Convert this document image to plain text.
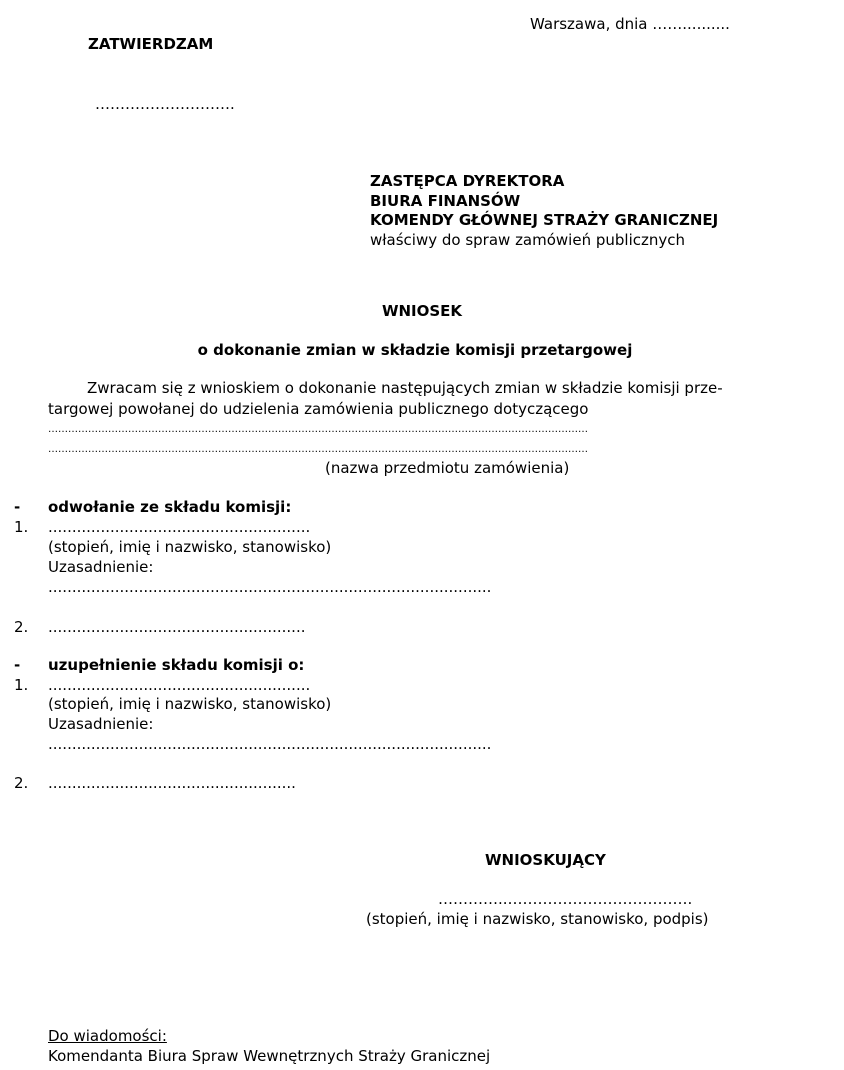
Warszawa, dnia ……..........
ZATWIERDZAM
……………………….
ZASTĘPCA DYREKTORA
BIURA FINANSÓW
KOMENDY GŁÓWNEJ STRAŻY GRANICZNEJ
właściwy do spraw zamówień publicznych
WNIOSEK
o dokonanie zmian w składzie komisji przetargowej
Zwracam się z wnioskiem o dokonanie następujących zmian w składzie komisji prze-
targowej powołanej do udzielenia zamówienia publicznego dotyczącego
………………………………………………………………………………………………………………………………………………
………………………………………………………………………………………………………………………………………………
(nazwa przedmiotu zamówienia)
- odwołanie ze składu komisji:
1. .......................................................
(stopień, imię i nazwisko, stanowisko)
Uzasadnienie:
.............................................................................................
2. ......................................................
- uzupełnienie składu komisji o:
1. .......................................................
(stopień, imię i nazwisko, stanowisko)
Uzasadnienie:
.............................................................................................
2. ....................................................
WNIOSKUJĄCY
…………..……………………………….
(stopień, imię i nazwisko, stanowisko, podpis)
Do wiadomości:
Komendanta Biura Spraw Wewnętrznych Straży Granicznej
